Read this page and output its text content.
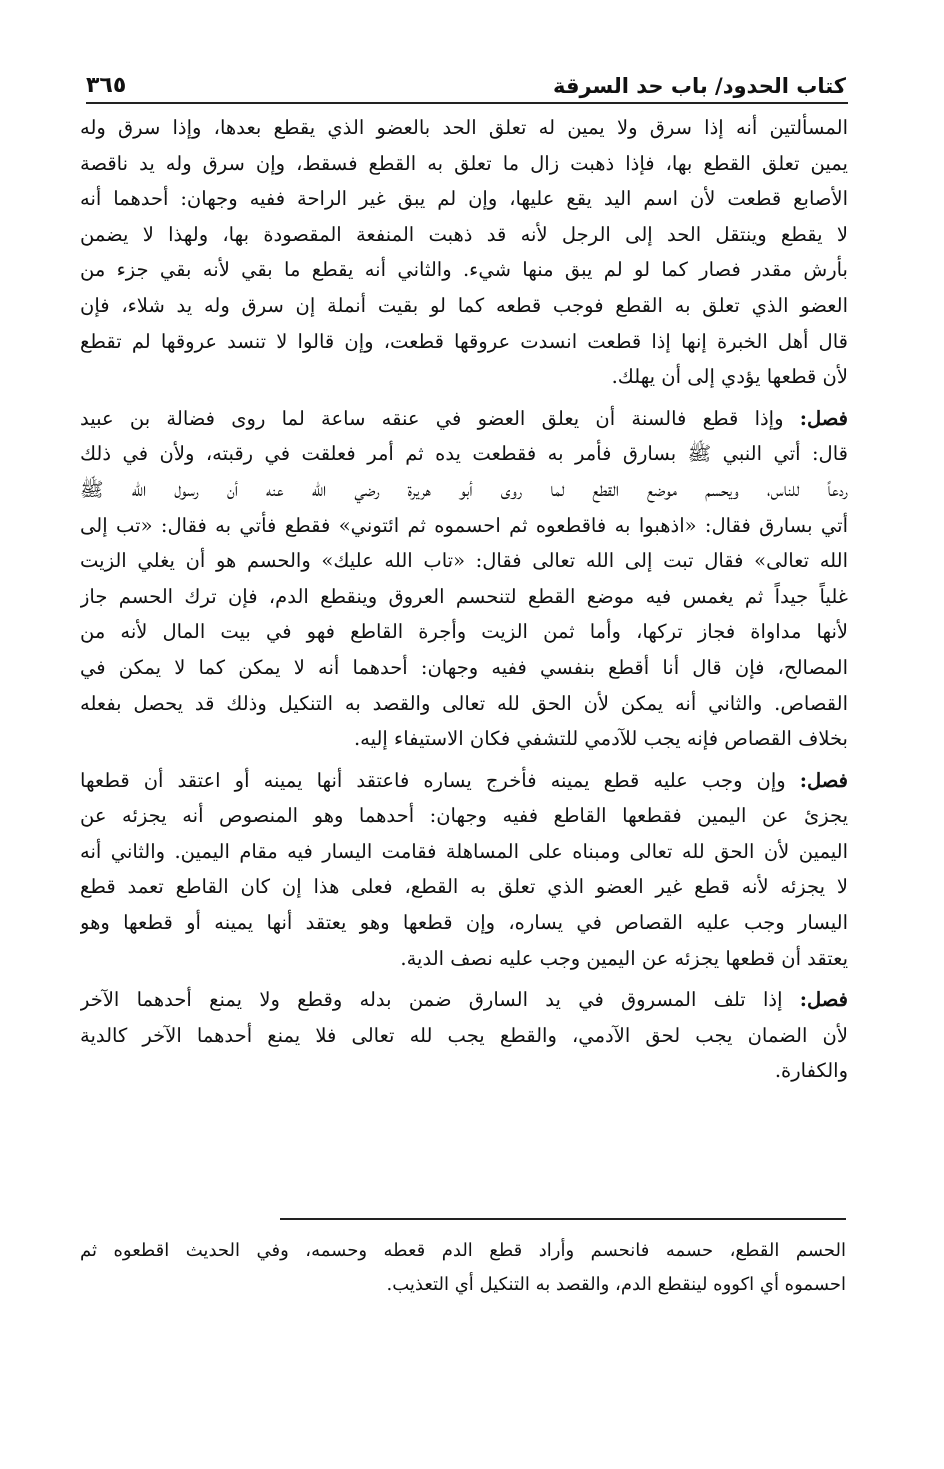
٣٦٥	كتاب الحدود/ باب حد السرقة

المسألتين أنه إذا سرق ولا يمين له تعلق الحد بالعضو الذي يقطع بعدها، وإذا سرق وله
يمين تعلق القطع بها، فإذا ذهبت زال ما تعلق به القطع فسقط، وإن سرق وله يد ناقصة
الأصابع قطعت لأن اسم اليد يقع عليها، وإن لم يبق غير الراحة ففيه وجهان: أحدهما أنه
لا يقطع وينتقل الحد إلى الرجل لأنه قد ذهبت المنفعة المقصودة بها، ولهذا لا يضمن
بأرش مقدر فصار كما لو لم يبق منها شيء. والثاني أنه يقطع ما بقي لأنه بقي جزء من
العضو الذي تعلق به القطع فوجب قطعه كما لو بقيت أنملة إن سرق وله يد شلاء، فإن
قال أهل الخبرة إنها إذا قطعت انسدت عروقها قطعت، وإن قالوا لا تنسد عروقها لم تقطع
لأن قطعها يؤدي إلى أن يهلك.

فصل: وإذا قطع فالسنة أن يعلق العضو في عنقه ساعة لما روى فضالة بن عبيد
قال: أتي النبي ﷺ بسارق فأمر به فقطعت يده ثم أمر فعلقت في رقبته، ولأن في ذلك
ردعاً للناس، ويحسم موضع القطع لما روى أبو هريرة رضي الله عنه أن رسول الله ﷺ
أتي بسارق فقال: «اذهبوا به فاقطعوه ثم احسموه ثم ائتوني» فقطع فأتي به فقال: «تب إلى
الله تعالى» فقال تبت إلى الله تعالى فقال: «تاب الله عليك» والحسم هو أن يغلي الزيت
غلياً جيداً ثم يغمس فيه موضع القطع لتنحسم العروق وينقطع الدم، فإن ترك الحسم جاز
لأنها مداواة فجاز تركها، وأما ثمن الزيت وأجرة القاطع فهو في بيت المال لأنه من
المصالح، فإن قال أنا أقطع بنفسي ففيه وجهان: أحدهما أنه لا يمكن كما لا يمكن في
القصاص. والثاني أنه يمكن لأن الحق لله تعالى والقصد به التنكيل وذلك قد يحصل بفعله
بخلاف القصاص فإنه يجب للآدمي للتشفي فكان الاستيفاء إليه.

فصل: وإن وجب عليه قطع يمينه فأخرج يساره فاعتقد أنها يمينه أو اعتقد أن قطعها
يجزئ عن اليمين فقطعها القاطع ففيه وجهان: أحدهما وهو المنصوص أنه يجزئه عن
اليمين لأن الحق لله تعالى ومبناه على المساهلة فقامت اليسار فيه مقام اليمين. والثاني أنه
لا يجزئه لأنه قطع غير العضو الذي تعلق به القطع، فعلى هذا إن كان القاطع تعمد قطع
اليسار وجب عليه القصاص في يساره، وإن قطعها وهو يعتقد أنها يمينه أو قطعها وهو
يعتقد أن قطعها يجزئه عن اليمين وجب عليه نصف الدية.

فصل: إذا تلف المسروق في يد السارق ضمن بدله وقطع ولا يمنع أحدهما الآخر
لأن الضمان يجب لحق الآدمي، والقطع يجب لله تعالى فلا يمنع أحدهما الآخر كالدية
والكفارة.

الحسم القطع، حسمه فانحسم وأراد قطع الدم قعطه وحسمه، وفي الحديث اقطعوه ثم
احسموه أي اكووه لينقطع الدم، والقصد به التنكيل أي التعذيب.
